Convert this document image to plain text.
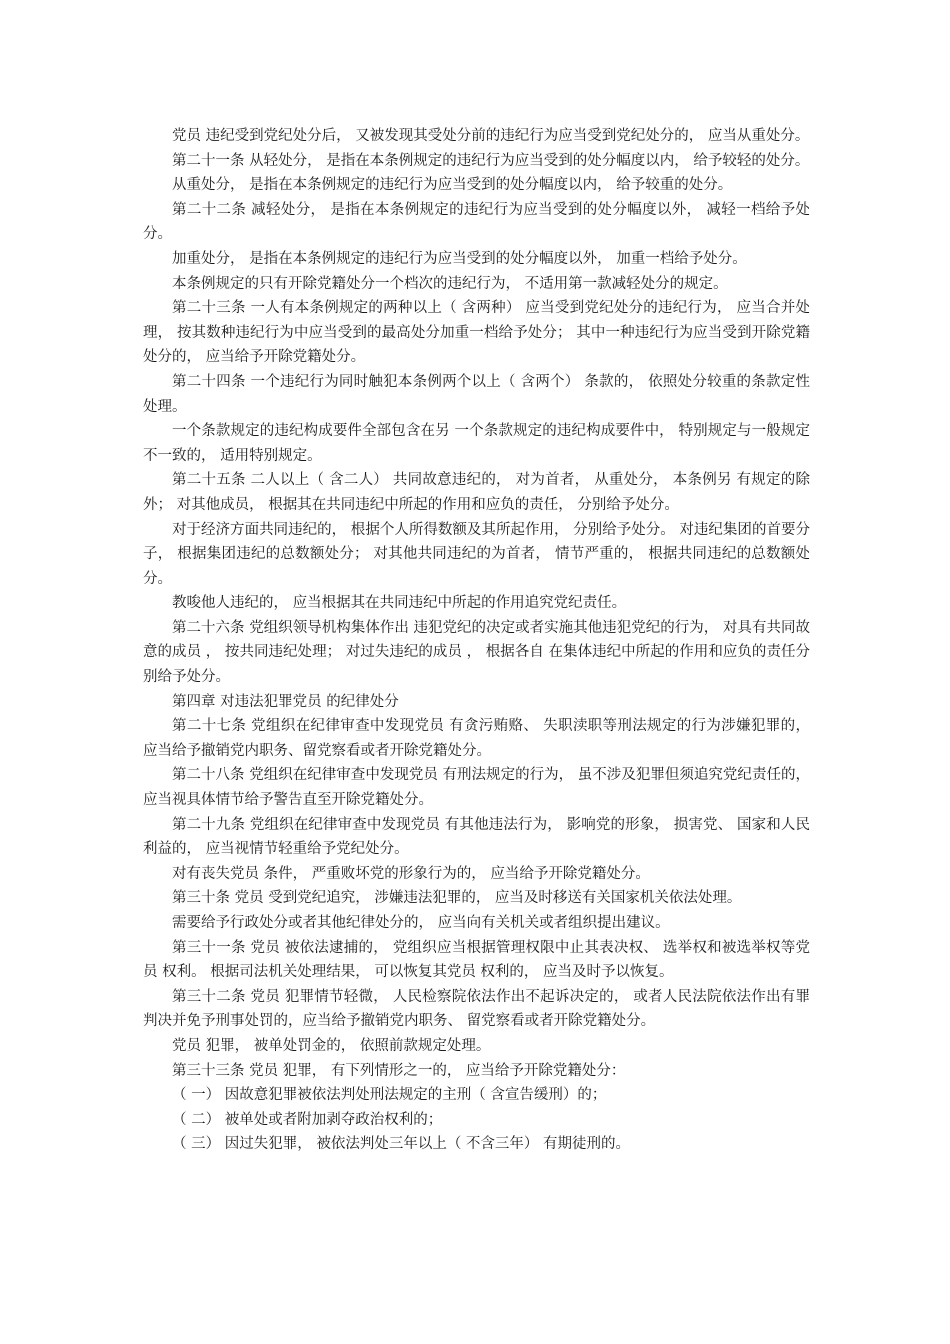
党员 违纪受到党纪处分后， 又被发现其受处分前的违纪行为应当受到党纪处分的， 应当从重处分。

第二十一条 从轻处分， 是指在本条例规定的违纪行为应当受到的处分幅度以内， 给予较轻的处分。

从重处分， 是指在本条例规定的违纪行为应当受到的处分幅度以内， 给予较重的处分。

第二十二条 减轻处分， 是指在本条例规定的违纪行为应当受到的处分幅度以外， 减轻一档给予处分。

加重处分， 是指在本条例规定的违纪行为应当受到的处分幅度以外， 加重一档给予处分。

本条例规定的只有开除党籍处分一个档次的违纪行为， 不适用第一款减轻处分的规定。

第二十三条 一人有本条例规定的两种以上（ 含两种） 应当受到党纪处分的违纪行为， 应当合并处理， 按其数种违纪行为中应当受到的最高处分加重一档给予处分； 其中一种违纪行为应当受到开除党籍处分的， 应当给予开除党籍处分。

第二十四条 一个违纪行为同时触犯本条例两个以上（ 含两个） 条款的， 依照处分较重的条款定性处理。

一个条款规定的违纪构成要件全部包含在另 一个条款规定的违纪构成要件中， 特别规定与一般规定不一致的， 适用特别规定。

第二十五条 二人以上（ 含二人） 共同故意违纪的， 对为首者， 从重处分， 本条例另 有规定的除外； 对其他成员， 根据其在共同违纪中所起的作用和应负的责任， 分别给予处分。

对于经济方面共同违纪的， 根据个人所得数额及其所起作用， 分别给予处分。 对违纪集团的首要分子， 根据集团违纪的总数额处分； 对其他共同违纪的为首者， 情节严重的， 根据共同违纪的总数额处分。

教唆他人违纪的， 应当根据其在共同违纪中所起的作用追究党纪责任。

第二十六条 党组织领导机构集体作出 违犯党纪的决定或者实施其他违犯党纪的行为， 对具有共同故意的成员 ， 按共同违纪处理； 对过失违纪的成员 ， 根据各自 在集体违纪中所起的作用和应负的责任分别给予处分。

第四章 对违法犯罪党员 的纪律处分

第二十七条 党组织在纪律审查中发现党员 有贪污贿赂、 失职渎职等刑法规定的行为涉嫌犯罪的， 应当给予撤销党内职务、留党察看或者开除党籍处分。

第二十八条 党组织在纪律审查中发现党员 有刑法规定的行为， 虽不涉及犯罪但须追究党纪责任的， 应当视具体情节给予警告直至开除党籍处分。

第二十九条 党组织在纪律审查中发现党员 有其他违法行为， 影响党的形象， 损害党、 国家和人民利益的， 应当视情节轻重给予党纪处分。

对有丧失党员 条件， 严重败坏党的形象行为的， 应当给予开除党籍处分。

第三十条 党员 受到党纪追究， 涉嫌违法犯罪的， 应当及时移送有关国家机关依法处理。

需要给予行政处分或者其他纪律处分的， 应当向有关机关或者组织提出建议。

第三十一条 党员 被依法逮捕的， 党组织应当根据管理权限中止其表决权、 选举权和被选举权等党员 权利。 根据司法机关处理结果， 可以恢复其党员 权利的， 应当及时予以恢复。

第三十二条 党员 犯罪情节轻微， 人民检察院依法作出不起诉决定的， 或者人民法院依法作出有罪判决并免予刑事处罚的，应当给予撤销党内职务、 留党察看或者开除党籍处分。

党员 犯罪， 被单处罚金的， 依照前款规定处理。

第三十三条 党员 犯罪， 有下列情形之一的， 应当给予开除党籍处分：

（ 一） 因故意犯罪被依法判处刑法规定的主刑（ 含宣告缓刑）的；

（ 二） 被单处或者附加剥夺政治权利的；

（ 三） 因过失犯罪， 被依法判处三年以上（ 不含三年） 有期徒刑的。
